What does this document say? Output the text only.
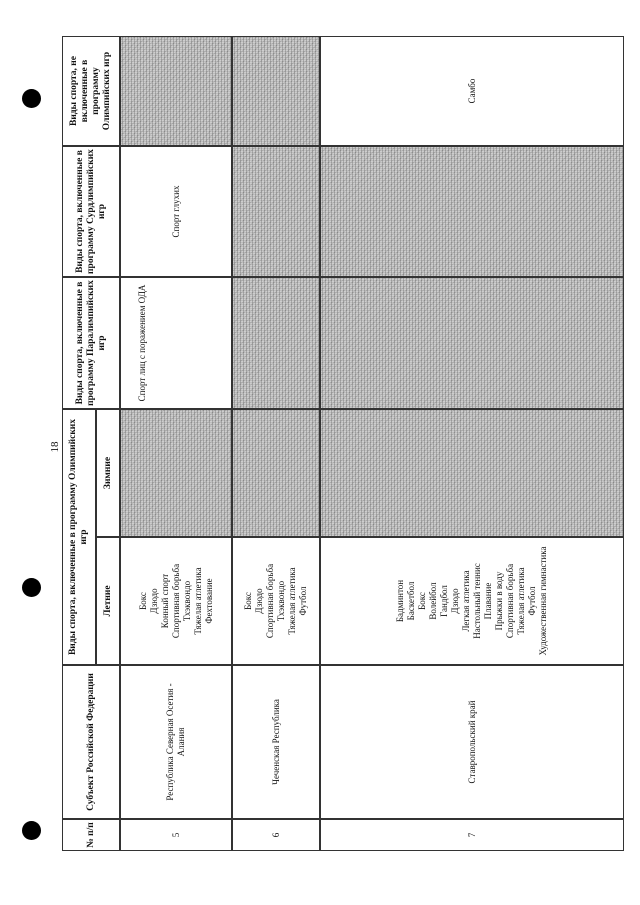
18
№ п/п
Субъект Российской Федерации
Виды спорта, включенные в программу Олимпийских игр
Летние
Зимние
Виды спорта, включенные в программу Паралимпийских игр
Виды спорта, включенные в программу Сурдлимпийских игр
Виды спорта, не включенные в программу Олимпийских игр
5
Республика Северная Осетия - Алания
Бокс Дзюдо Конный спорт Спортивная борьба Тхэквондо Тяжелая атлетика Фехтование
Спорт лиц с поражением ОДА
Спорт глухих
6
Чеченская Республика
Бокс Дзюдо Спортивная борьба Тхэквондо Тяжелая атлетика Футбол
7
Ставропольский край
Бадминтон Баскетбол Бокс Волейбол Гандбол Дзюдо Легкая атлетика Настольный теннис Плавание Прыжки в воду Спортивная борьба Тяжелая атлетика Футбол Художественная гимнастика
Самбо
